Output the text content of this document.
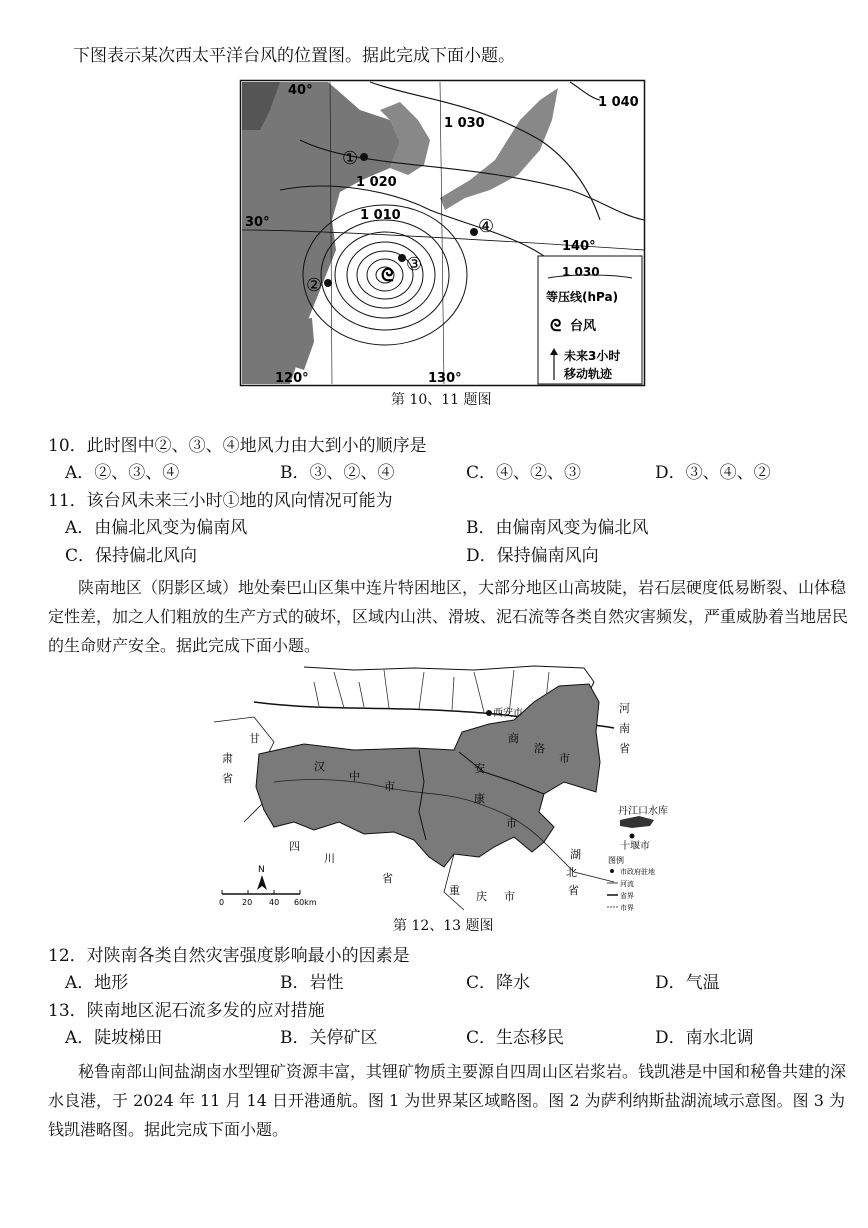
下图表示某次西太平洋台风的位置图。据此完成下面小题。
ᘓ
①
②
③
④
40°
30°
120°	130°
140°
1 040
1 030
1 020
1 010
1 030
等压线(hPa)
ᘓ 台风
未来3小时
移动轨迹
第 10、11 题图
10．此时图中②、③、④地风力由大到小的顺序是
A．②、③、④	B．③、②、④	C．④、②、③	D．③、④、②
11．该台风未来三小时①地的风向情况可能为
A．由偏北风变为偏南风	B．由偏南风变为偏北风
C．保持偏北风向	D．保持偏南风向
陕南地区（阴影区域）地处秦巴山区集中连片特困地区，大部分地区山高坡陡，岩石层硬度低易断裂、山体稳定性差，加之人们粗放的生产方式的破坏，区域内山洪、滑坡、泥石流等各类自然灾害频发，严重威胁着当地居民的生命财产安全。据此完成下面小题。
西安市	河
南
省
甘
肃
省
商
洛
市
汉
中
市
安
康
市
四
川
省
湖
北
省
重 庆 市
丹江口水库
十堰市
图例
市政府驻地
河流
省界
市界
N
0 20 40 60km
第 12、13 题图
12．对陕南各类自然灾害强度影响最小的因素是
A．地形	B．岩性	C．降水	D．气温
13．陕南地区泥石流多发的应对措施
A．陡坡梯田	B．关停矿区	C．生态移民	D．南水北调
秘鲁南部山间盐湖卤水型锂矿资源丰富，其锂矿物质主要源自四周山区岩浆岩。钱凯港是中国和秘鲁共建的深水良港，于 2024 年 11 月 14 日开港通航。图 1 为世界某区域略图。图 2 为萨利纳斯盐湖流域示意图。图 3 为钱凯港略图。据此完成下面小题。
